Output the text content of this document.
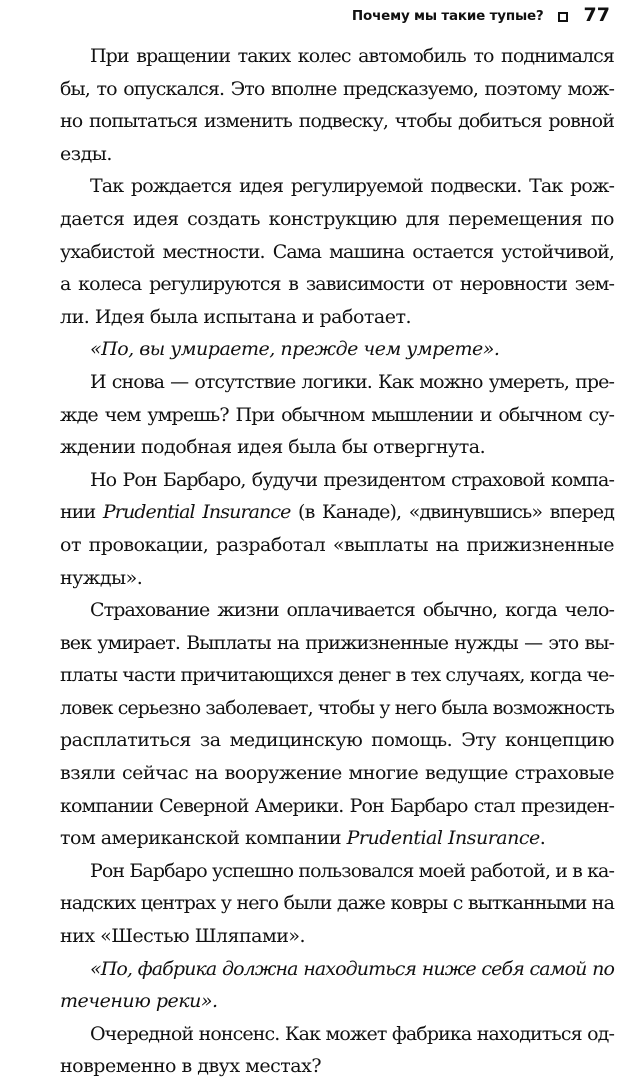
Почему мы такие тупые? 77

При вращении таких колес автомобиль то поднимался
бы, то опускался. Это вполне предсказуемо, поэтому мож-
но попытаться изменить подвеску, чтобы добиться ровной
езды.

Так рождается идея регулируемой подвески. Так рож-
дается идея создать конструкцию для перемещения по
ухабистой местности. Сама машина остается устойчивой,
а колеса регулируются в зависимости от неровности зем-
ли. Идея была испытана и работает.

«По, вы умираете, прежде чем умрете».

И снова — отсутствие логики. Как можно умереть, пре-
жде чем умрешь? При обычном мышлении и обычном су-
ждении подобная идея была бы отвергнута.

Но Рон Барбаро, будучи президентом страховой компа-
нии Prudential Insurance (в Канаде), «двинувшись» вперед
от провокации, разработал «выплаты на прижизненные
нужды».

Страхование жизни оплачивается обычно, когда чело-
век умирает. Выплаты на прижизненные нужды — это вы-
платы части причитающихся денег в тех случаях, когда че-
ловек серьезно заболевает, чтобы у него была возможность
расплатиться за медицинскую помощь. Эту концепцию
взяли сейчас на вооружение многие ведущие страховые
компании Северной Америки. Рон Барбаро стал президен-
том американской компании Prudential Insurance.

Рон Барбаро успешно пользовался моей работой, и в ка-
надских центрах у него были даже ковры с вытканными на
них «Шестью Шляпами».

«По, фабрика должна находиться ниже себя самой по
течению реки».

Очередной нонсенс. Как может фабрика находиться од-
новременно в двух местах?
